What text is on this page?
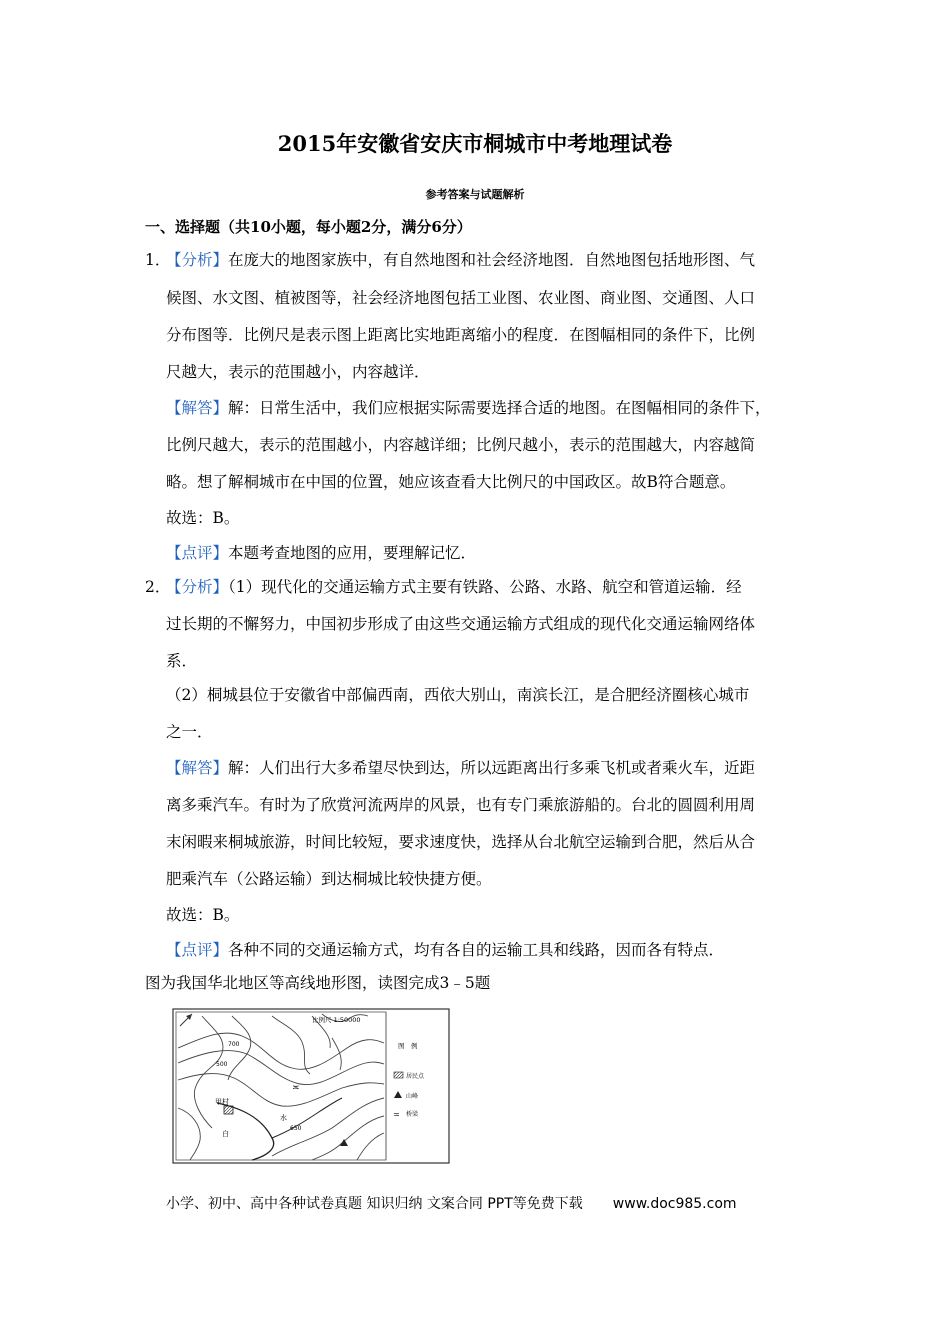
2015年安徽省安庆市桐城市中考地理试卷
参考答案与试题解析
一、选择题（共10小题，每小题2分，满分6分）
1．
【分析】在庞大的地图家族中，有自然地图和社会经济地图．自然地图包括地形图、气
候图、水文图、植被图等，社会经济地图包括工业图、农业图、商业图、交通图、人口
分布图等．比例尺是表示图上距离比实地距离缩小的程度．在图幅相同的条件下，比例
尺越大，表示的范围越小，内容越详．
【解答】解：日常生活中，我们应根据实际需要选择合适的地图。在图幅相同的条件下，
比例尺越大，表示的范围越小，内容越详细；比例尺越小，表示的范围越大，内容越简
略。想了解桐城市在中国的位置，她应该查看大比例尺的中国政区。故B符合题意。
故选：B。
【点评】本题考查地图的应用，要理解记忆．
2．
【分析】（1）现代化的交通运输方式主要有铁路、公路、水路、航空和管道运输．经
过长期的不懈努力，中国初步形成了由这些交通运输方式组成的现代化交通运输网络体
系．
（2）桐城县位于安徽省中部偏西南，西依大别山，南滨长江，是合肥经济圈核心城市
之一．
【解答】解：人们出行大多希望尽快到达，所以远距离出行多乘飞机或者乘火车，近距
离多乘汽车。有时为了欣赏河流两岸的风景，也有专门乘旅游船的。台北的圆圆利用周
末闲暇来桐城旅游，时间比较短，要求速度快，选择从台北航空运输到合肥，然后从合
肥乘汽车（公路运输）到达桐城比较快捷方便。
故选：B。
【点评】各种不同的交通运输方式，均有各自的运输工具和线路，因而各有特点．
图为我国华北地区等高线地形图，读图完成3﹣5题
≍
甲村
700
500
650
水
白
比例尺 1:50000
图　例
居民点
山峰
≍ 桥梁
小学、初中、高中各种试卷真题 知识归纳 文案合同 PPT等免费下载 www.doc985.com
